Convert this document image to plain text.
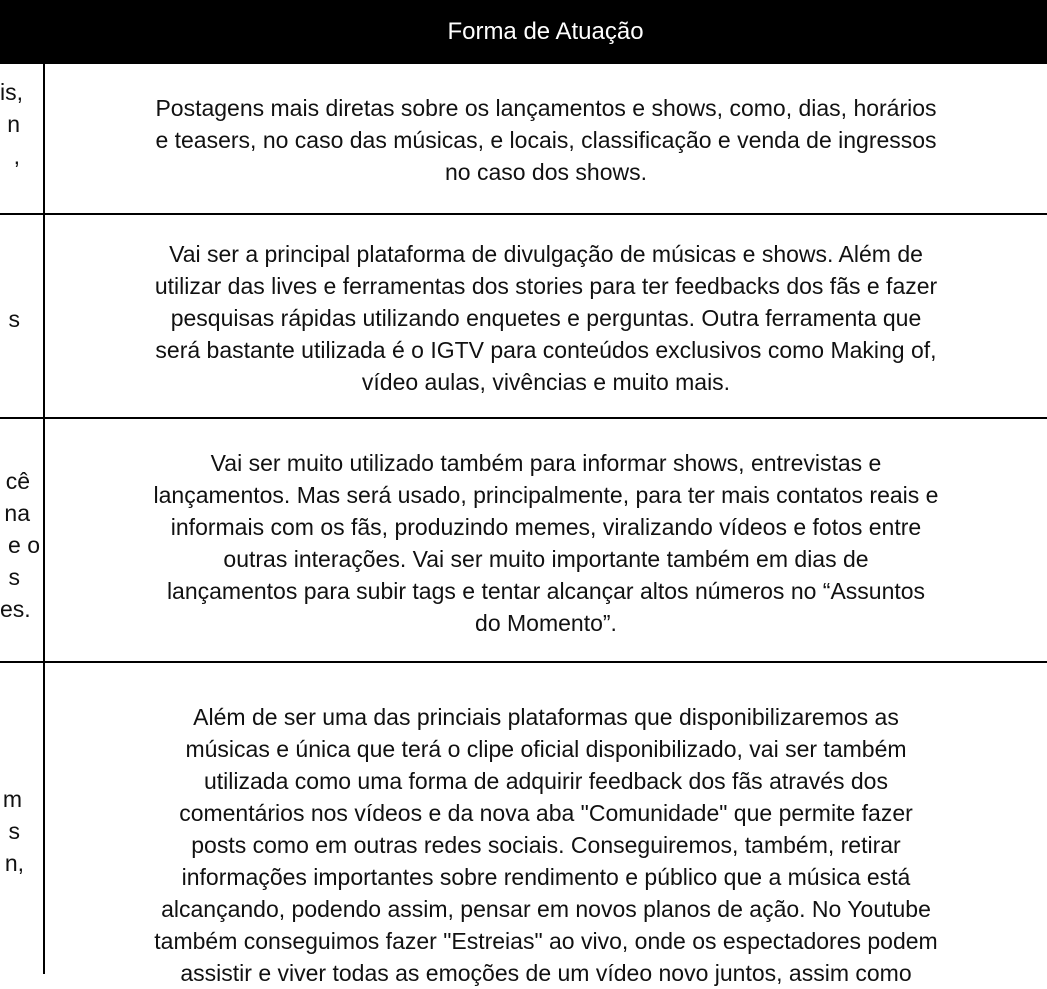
Forma de Atuação
is,
n
,
Postagens mais diretas sobre os lançamentos e shows, como, dias, horários
e teasers, no caso das músicas, e locais, classificação e venda de ingressos
no caso dos shows.
s
Vai ser a principal plataforma de divulgação de músicas e shows. Além de
utilizar das lives e ferramentas dos stories para ter feedbacks dos fãs e fazer
pesquisas rápidas utilizando enquetes e perguntas. Outra ferramenta que
será bastante utilizada é o IGTV para conteúdos exclusivos como Making of,
vídeo aulas, vivências e muito mais.
cê
na
e o
s
es.
Vai ser muito utilizado também para informar shows, entrevistas e
lançamentos. Mas será usado, principalmente, para ter mais contatos reais e
informais com os fãs, produzindo memes, viralizando vídeos e fotos entre
outras interações. Vai ser muito importante também em dias de
lançamentos para subir tags e tentar alcançar altos números no “Assuntos
do Momento”.
m
s
n,
Além de ser uma das princiais plataformas que disponibilizaremos as
músicas e única que terá o clipe oficial disponibilizado, vai ser também
utilizada como uma forma de adquirir feedback dos fãs através dos
comentários nos vídeos e da nova aba "Comunidade" que permite fazer
posts como em outras redes sociais. Conseguiremos, também, retirar
informações importantes sobre rendimento e público que a música está
alcançando, podendo assim, pensar em novos planos de ação. No Youtube
também conseguimos fazer "Estreias" ao vivo, onde os espectadores podem
assistir e viver todas as emoções de um vídeo novo juntos, assim como
